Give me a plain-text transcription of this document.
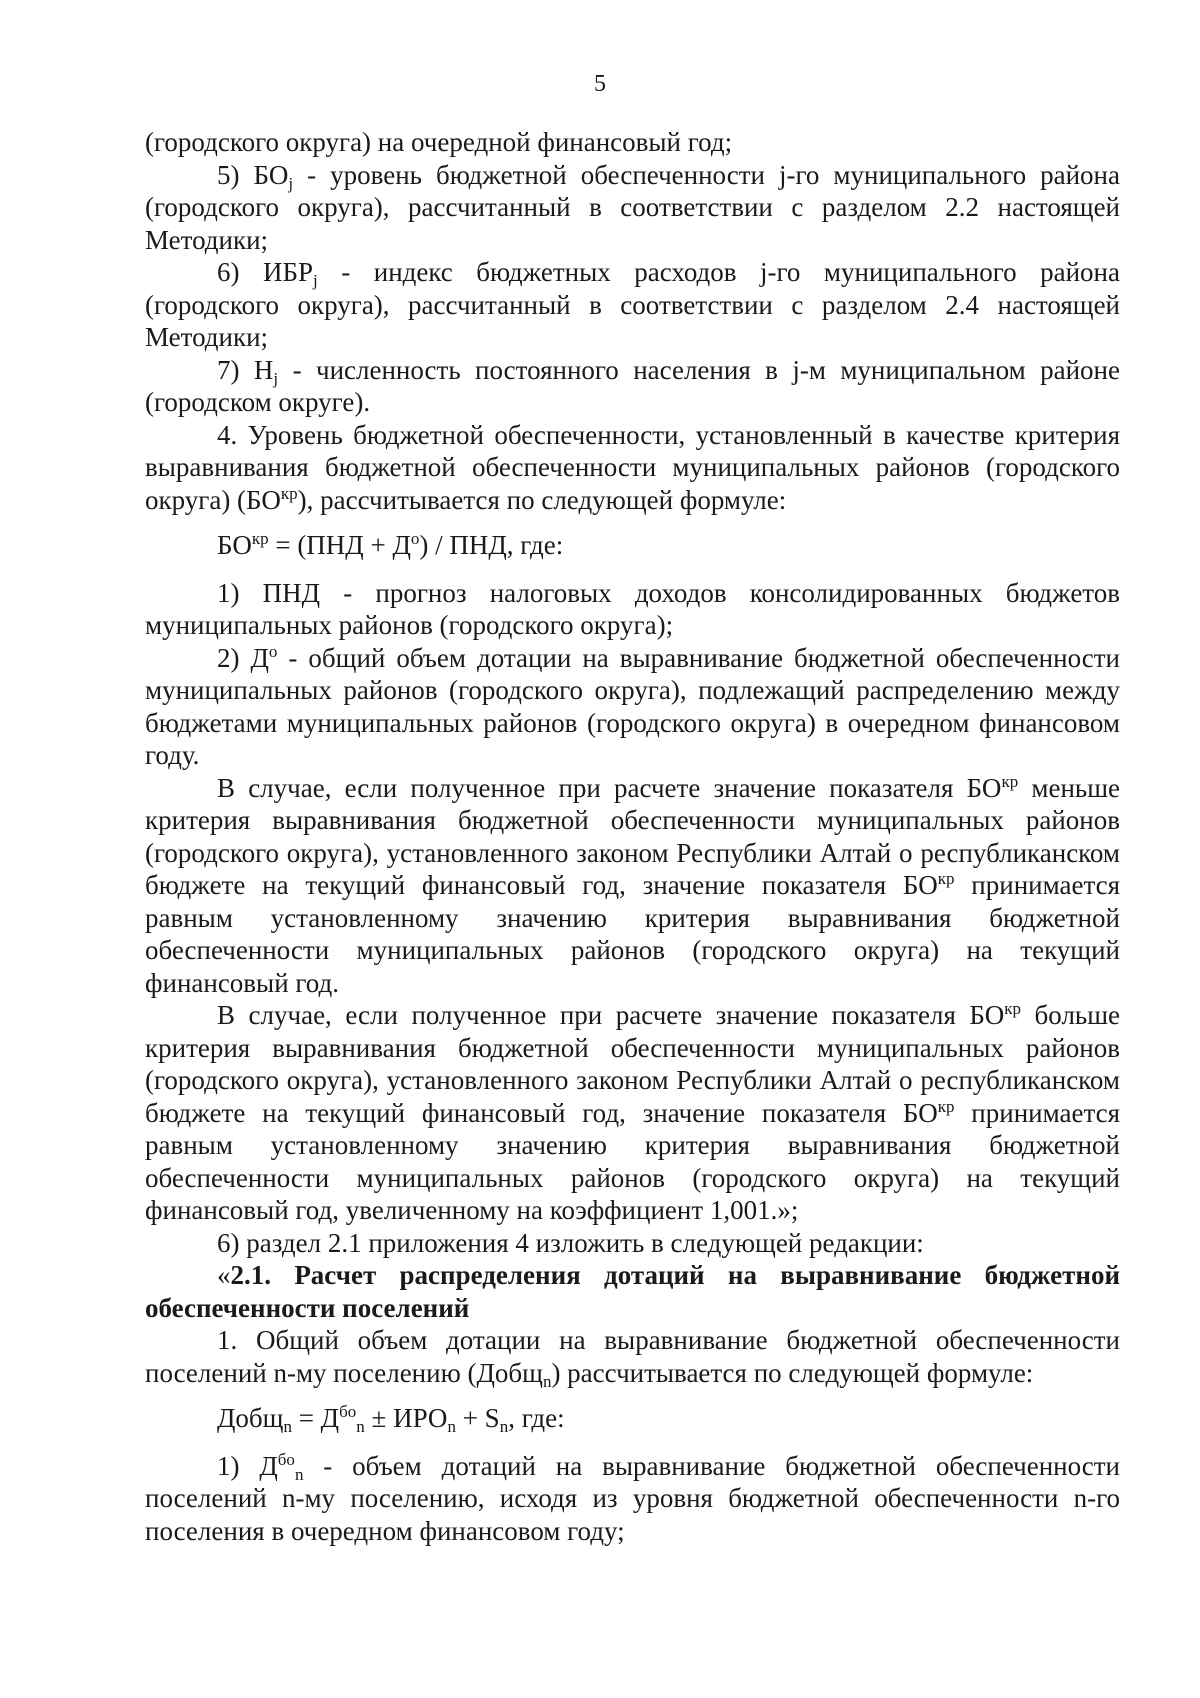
5

(городского округа) на очередной финансовый год;

5) $БО_j$ - уровень бюджетной обеспеченности j-го муниципального района (городского округа), рассчитанный в соответствии с разделом 2.2 настоящей Методики;

6) $ИБР_j$ - индекс бюджетных расходов j-го муниципального района (городского округа), рассчитанный в соответствии с разделом 2.4 настоящей Методики;

7) $Н_j$ - численность постоянного населения в j-м муниципальном районе (городском округе).

4. Уровень бюджетной обеспеченности, установленный в качестве критерия выравнивания бюджетной обеспеченности муниципальных районов (городского округа) $(БО^{кр})$, рассчитывается по следующей формуле:

$БО^{кр} = (ПНД + Д^о)$ / ПНД, где:

1) ПНД - прогноз налоговых доходов консолидированных бюджетов муниципальных районов (городского округа);

2) $Д^о$ - общий объем дотации на выравнивание бюджетной обеспеченности муниципальных районов (городского округа), подлежащий распределению между бюджетами муниципальных районов (городского округа) в очередном финансовом году.

В случае, если полученное при расчете значение показателя $БО^{кр}$ меньше критерия выравнивания бюджетной обеспеченности муниципальных районов (городского округа), установленного законом Республики Алтай о республиканском бюджете на текущий финансовый год, значение показателя $БО^{кр}$ принимается равным установленному значению критерия выравнивания бюджетной обеспеченности муниципальных районов (городского округа) на текущий финансовый год.

В случае, если полученное при расчете значение показателя $БО^{кр}$ больше критерия выравнивания бюджетной обеспеченности муниципальных районов (городского округа), установленного законом Республики Алтай о республиканском бюджете на текущий финансовый год, значение показателя $БО^{кр}$ принимается равным установленному значению критерия выравнивания бюджетной обеспеченности муниципальных районов (городского округа) на текущий финансовый год, увеличенному на коэффициент 1,001.»;

6) раздел 2.1 приложения 4 изложить в следующей редакции:

«2.1. Расчет распределения дотаций на выравнивание бюджетной обеспеченности поселений

1. Общий объем дотации на выравнивание бюджетной обеспеченности поселений n-му поселению (Добщ$_n$) рассчитывается по следующей формуле:

Добщ$_n$ = $Д^{бо}_n \pm ИРО_n + S_n$, где:

1) $Д^{бо}_n$ - объем дотаций на выравнивание бюджетной обеспеченности поселений n-му поселению, исходя из уровня бюджетной обеспеченности n-го поселения в очередном финансовом году;
